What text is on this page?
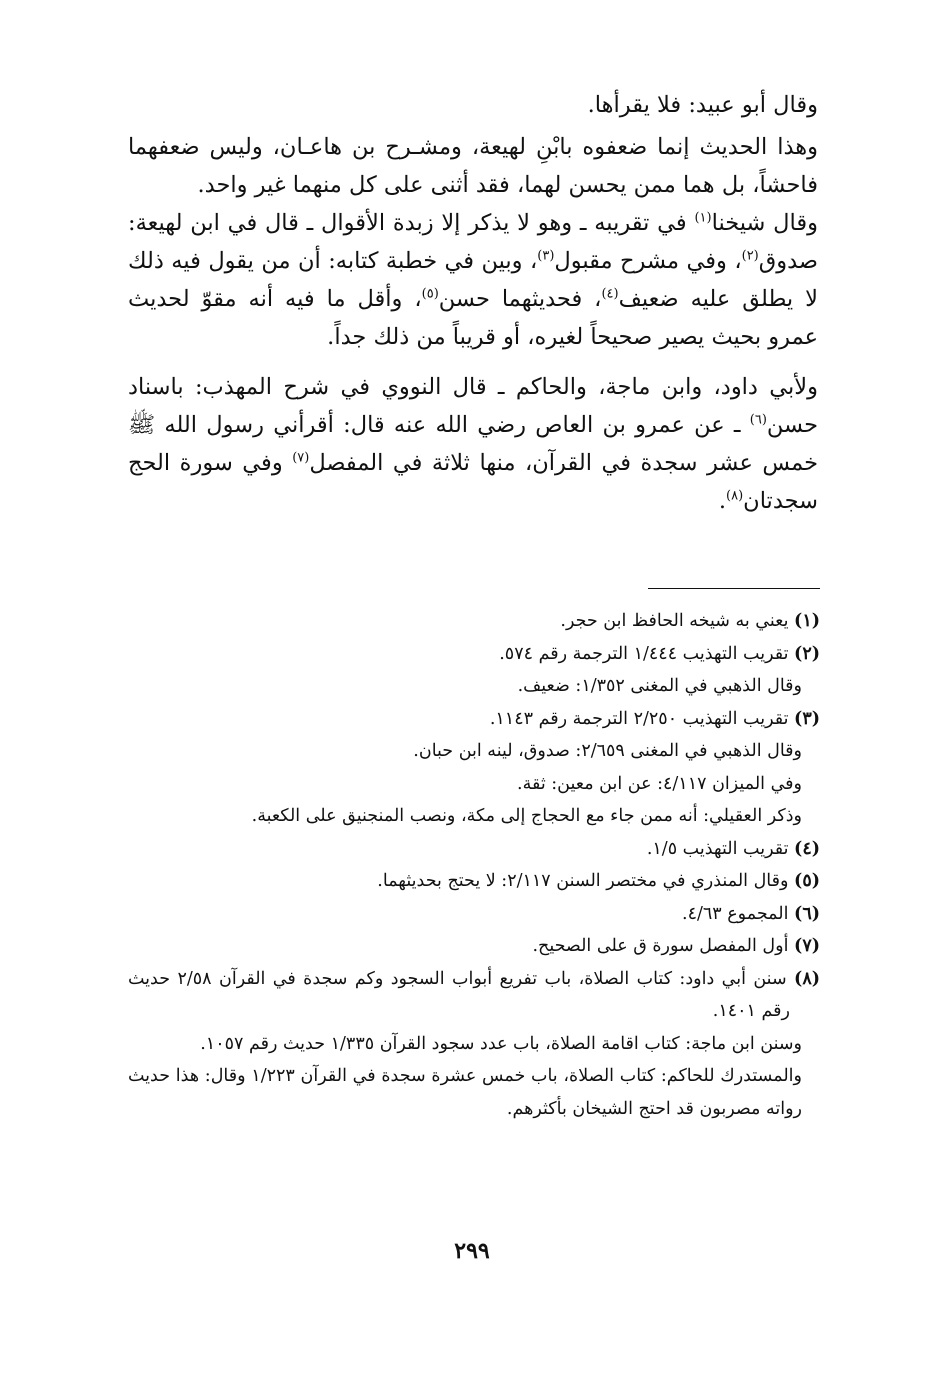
وقال أبو عبيد: فلا يقرأها.

وهذا الحديث إنما ضعفوه بابْنِ لهيعة، ومشـرح بن هاعـان، وليس ضعفهما فاحشاً، بل هما ممن يحسن لهما، فقد أثنى على كل منهما غير واحد.

وقال شيخنا$^{(١)}$ في تقريبه ـ وهو لا يذكر إلا زبدة الأقوال ـ قال في ابن لهيعة: صدوق$^{(٢)}$، وفي مشرح مقبول$^{(٣)}$، وبين في خطبة كتابه: أن من يقول فيه ذلك لا يطلق عليه ضعيف$^{(٤)}$، فحديثهما حسن$^{(٥)}$، وأقل ما فيه أنه مقوّ لحديث عمرو بحيث يصير صحيحاً لغيره، أو قريباً من ذلك جداً.

ولأبي داود، وابن ماجة، والحاكم ـ قال النووي في شرح المهذب: باسناد حسن$^{(٦)}$ ـ عن عمرو بن العاص رضي الله عنه قال: أقرأني رسول الله ﷺ خمس عشر سجدة في القرآن، منها ثلاثة في المفصل$^{(٧)}$ وفي سورة الحج سجدتان$^{(٨)}$.

(١) يعني به شيخه الحافظ ابن حجر.

(٢) تقريب التهذيب ١/٤٤٤ الترجمة رقم ٥٧٤.

وقال الذهبي في المغنى ١/٣٥٢: ضعيف.

(٣) تقريب التهذيب ٢/٢٥٠ الترجمة رقم ١١٤٣.

وقال الذهبي في المغنى ٢/٦٥٩: صدوق، لينه ابن حبان.

وفي الميزان ٤/١١٧: عن ابن معين: ثقة.

وذكر العقيلي: أنه ممن جاء مع الحجاج إلى مكة، ونصب المنجنيق على الكعبة.

(٤) تقريب التهذيب ١/٥.

(٥) وقال المنذري في مختصر السنن ٢/١١٧: لا يحتج بحديثهما.

(٦) المجموع ٤/٦٣.

(٧) أول المفصل سورة ق على الصحيح.

(٨) سنن أبي داود: كتاب الصلاة، باب تفريع أبواب السجود وكم سجدة في القرآن ٢/٥٨ حديث رقم ١٤٠١.

وسنن ابن ماجة: كتاب اقامة الصلاة، باب عدد سجود القرآن ١/٣٣٥ حديث رقم ١٠٥٧.

والمستدرك للحاكم: كتاب الصلاة، باب خمس عشرة سجدة في القرآن ١/٢٢٣ وقال: هذا حديث رواته مصربون قد احتج الشيخان بأكثرهم.

٢٩٩
